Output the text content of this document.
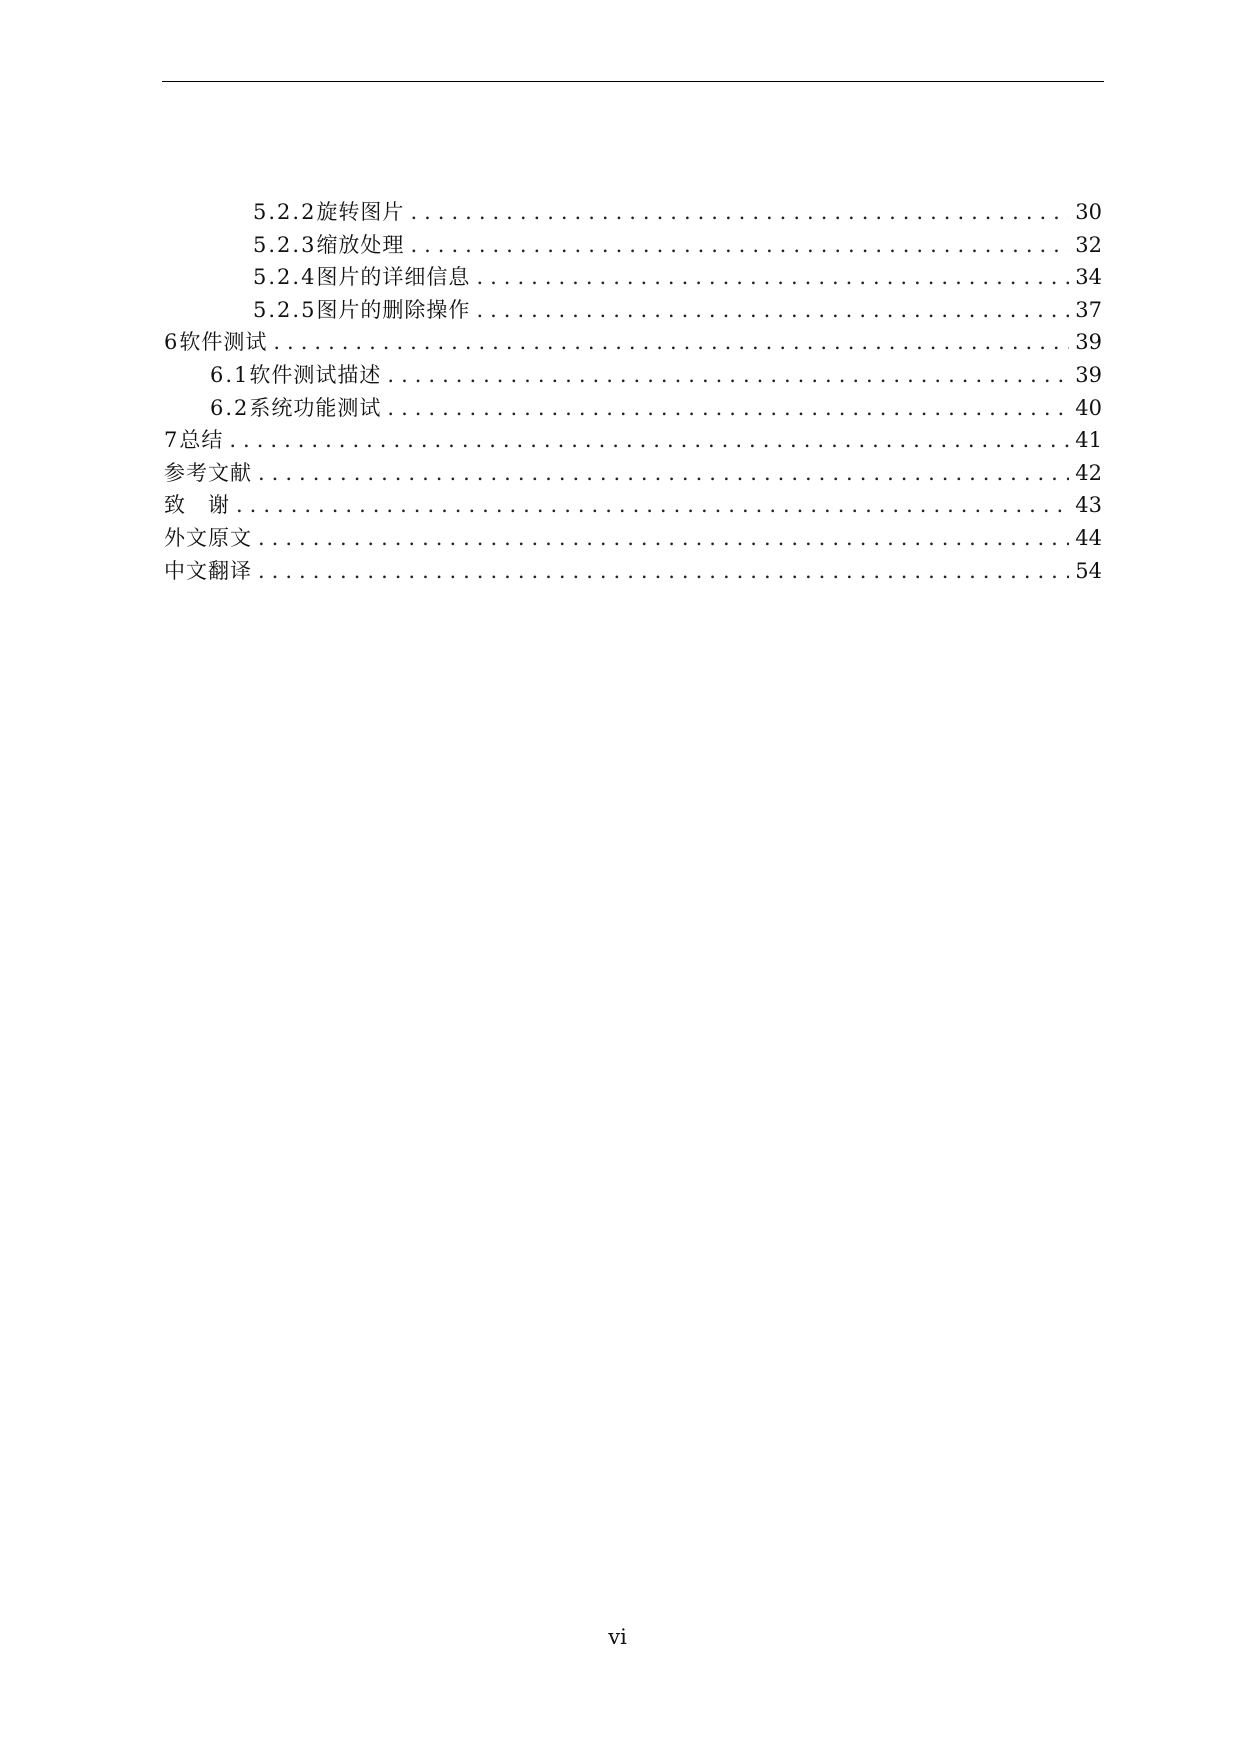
5.2.2 旋转图片 .....	30
5.2.3 缩放处理 .....	32
5.2.4 图片的详细信息 .....	34
5.2.5 图片的删除操作 .....	37
6 软件测试 .....	39
6.1 软件测试描述 .....	39
6.2 系统功能测试 .....	40
7 总结 .....	41
参考文献 .....	42
致　谢 .....	43
外文原文 .....	44
中文翻译 .....	54
vi
